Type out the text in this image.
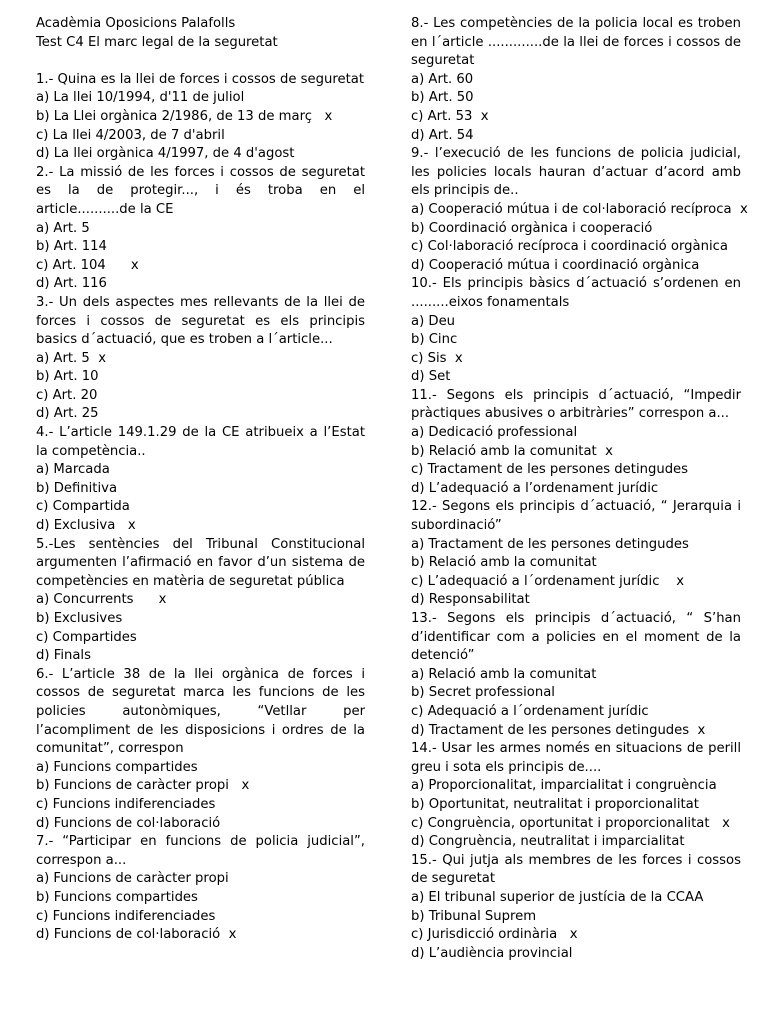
Acadèmia Oposicions Palafolls
Test C4 El marc legal de la seguretat
1.- Quina es la llei de forces i cossos de seguretat
a) La llei 10/1994, d'11 de juliol
b) La Llei orgànica 2/1986, de 13 de març   x
c) La llei 4/2003, de 7 d'abril
d) La llei orgànica 4/1997, de 4 d'agost
2.- La missió de les forces i cossos de seguretat es la de protegir..., i és troba en el article..........de la CE
a) Art. 5
b) Art. 114
c) Art. 104      x
d) Art. 116
3.- Un dels aspectes mes rellevants de la llei de forces i cossos de seguretat es els principis basics d´actuació, que es troben a l´article...
a) Art. 5  x
b) Art. 10
c) Art. 20
d) Art. 25
4.- L’article 149.1.29 de la CE atribueix a l’Estat la competència..
a) Marcada
b) Definitiva
c) Compartida
d) Exclusiva   x
5.-Les sentències del Tribunal Constitucional argumenten l’afirmació en favor d’un sistema de competències en matèria de seguretat pública
a) Concurrents      x
b) Exclusives
c) Compartides
d) Finals
6.- L’article 38 de la llei orgànica de forces i cossos de seguretat marca les funcions de les policies autonòmiques, “Vetllar per l’acompliment de les disposicions i ordres de la comunitat”, correspon
a) Funcions compartides
b) Funcions de caràcter propi   x
c) Funcions indiferenciades
d) Funcions de col·laboració
7.- “Participar en funcions de policia judicial”, correspon a...
a) Funcions de caràcter propi
b) Funcions compartides
c) Funcions indiferenciades
d) Funcions de col·laboració  x
8.- Les competències de la policia local es troben en l´article .............de la llei de forces i cossos de seguretat
a) Art. 60
b) Art. 50
c) Art. 53  x
d) Art. 54
9.- l’execució de les funcions de policia judicial, les policies locals hauran d’actuar d’acord amb els principis de..
a) Cooperació mútua i de col·laboració recíproca  x
b) Coordinació orgànica i cooperació
c) Col·laboració recíproca i coordinació orgànica
d) Cooperació mútua i coordinació orgànica
10.- Els principis bàsics d´actuació s’ordenen en .........eixos fonamentals
a) Deu
b) Cinc
c) Sis  x
d) Set
11.- Segons els principis d´actuació, “Impedir pràctiques abusives o arbitràries” correspon a...
a) Dedicació professional
b) Relació amb la comunitat  x
c) Tractament de les persones detingudes
d) L’adequació a l’ordenament jurídic
12.- Segons els principis d´actuació, “ Jerarquia i subordinació”
a) Tractament de les persones detingudes
b) Relació amb la comunitat
c) L’adequació a l´ordenament jurídic    x
d) Responsabilitat
13.- Segons els principis d´actuació, “ S’han d’identificar com a policies en el moment de la detenció”
a) Relació amb la comunitat
b) Secret professional
c) Adequació a l´ordenament jurídic
d) Tractament de les persones detingudes  x
14.- Usar les armes només en situacions de perill greu i sota els principis de....
a) Proporcionalitat, imparcialitat i congruència
b) Oportunitat, neutralitat i proporcionalitat
c) Congruència, oportunitat i proporcionalitat   x
d) Congruència, neutralitat i imparcialitat
15.- Qui jutja als membres de les forces i cossos de seguretat
a) El tribunal superior de justícia de la CCAA
b) Tribunal Suprem
c) Jurisdicció ordinària   x
d) L’audiència provincial
